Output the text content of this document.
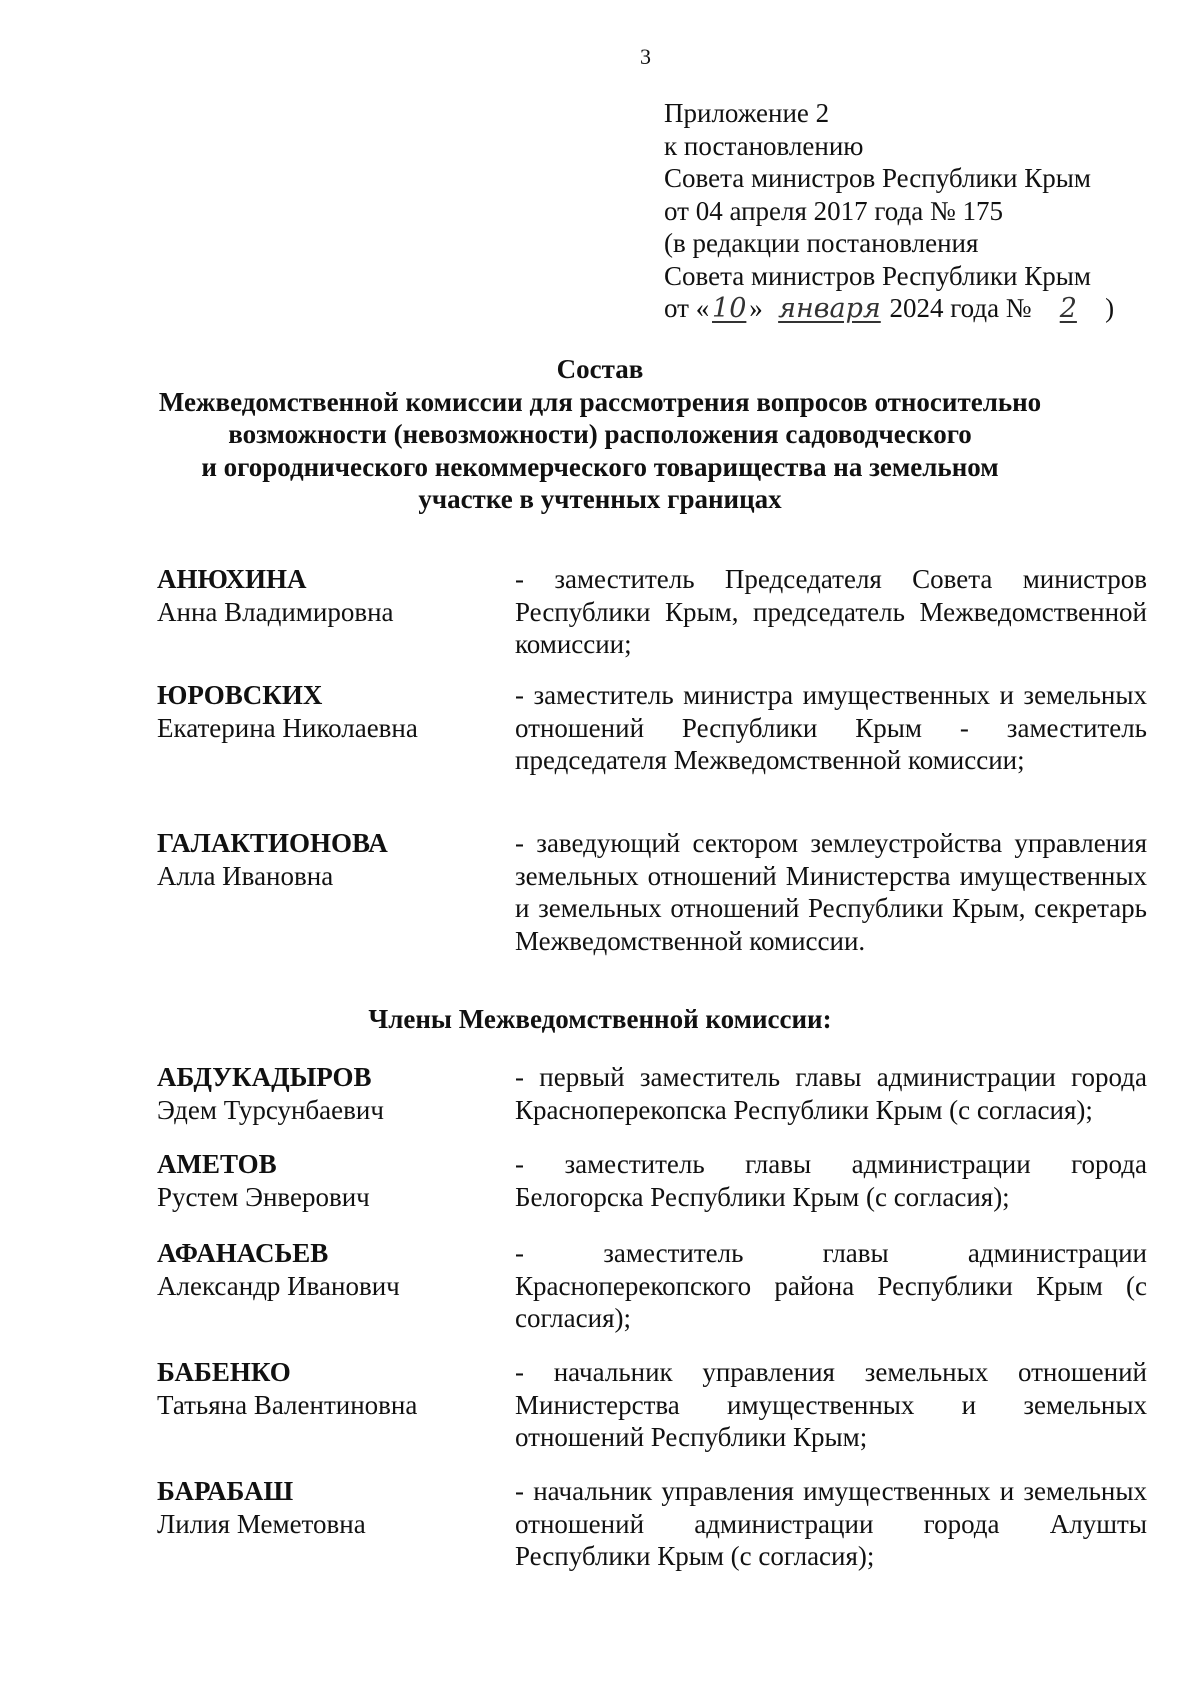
3
Приложение 2
к постановлению
Совета министров Республики Крым
от 04 апреля 2017 года № 175
(в редакции постановления
Совета министров Республики Крым
от « 10 » января 2024 года № 2 )
Состав
Межведомственной комиссии для рассмотрения вопросов относительно
возможности (невозможности) расположения садоводческого
и огороднического некоммерческого товарищества на земельном
участке в учтенных границах
АНЮХИНА
Анна Владимировна
- заместитель Председателя Совета министров Республики Крым, председатель Межведомственной комиссии;
ЮРОВСКИХ
Екатерина Николаевна
- заместитель министра имущественных и земельных отношений Республики Крым - заместитель председателя Межведомственной комиссии;
ГАЛАКТИОНОВА
Алла Ивановна
- заведующий сектором землеустройства управления земельных отношений Министерства имущественных и земельных отношений Республики Крым, секретарь Межведомственной комиссии.
Члены Межведомственной комиссии:
АБДУКАДЫРОВ
Эдем Турсунбаевич
- первый заместитель главы администрации города Красноперекопска Республики Крым (с согласия);
АМЕТОВ
Рустем Энверович
- заместитель главы администрации города Белогорска Республики Крым (с согласия);
АФАНАСЬЕВ
Александр Иванович
- заместитель главы администрации Красноперекопского района Республики Крым (с согласия);
БАБЕНКО
Татьяна Валентиновна
- начальник управления земельных отношений Министерства имущественных и земельных отношений Республики Крым;
БАРАБАШ
Лилия Меметовна
- начальник управления имущественных и земельных отношений администрации города Алушты Республики Крым (с согласия);
